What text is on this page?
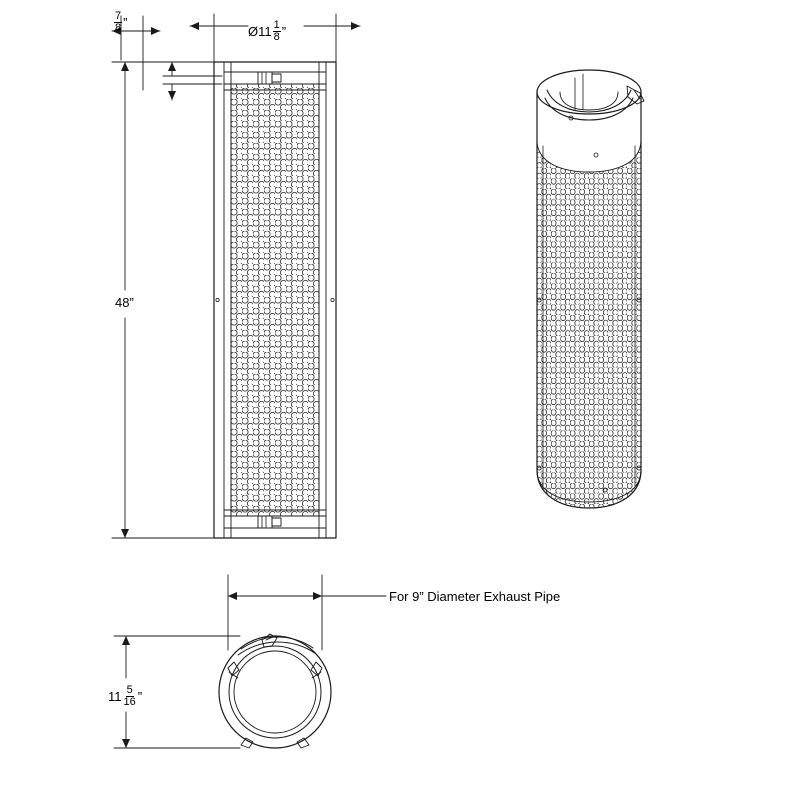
$\frac{7}{8}$ ”
Ø11 $\frac{1}{8}$ ”
48”
$11 \frac{5}{16}$ ”
For 9” Diameter Exhaust Pipe
